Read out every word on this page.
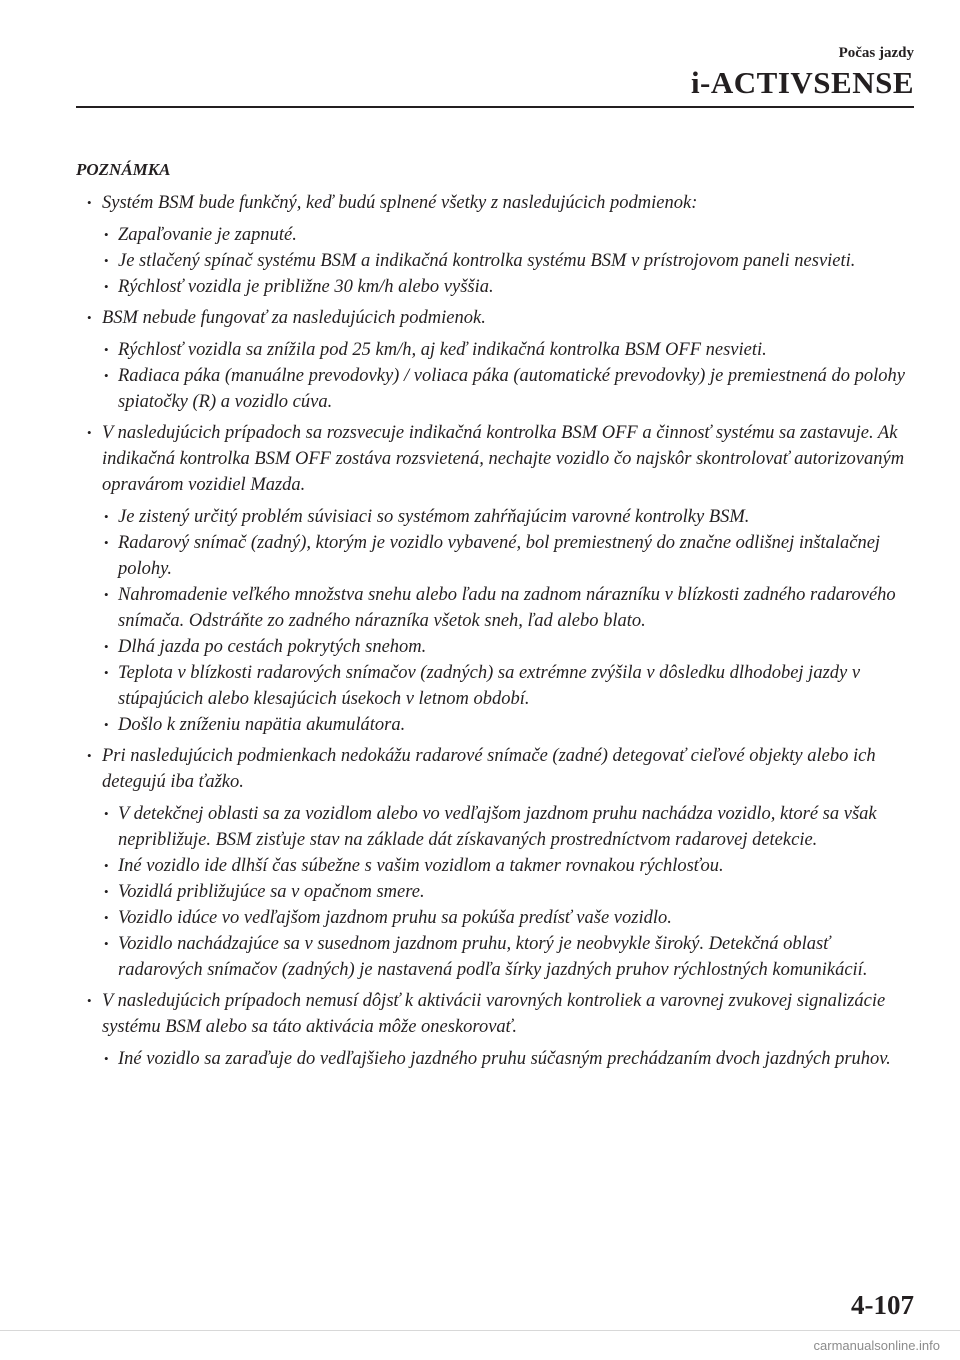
Počas jazdy
i-ACTIVSENSE
POZNÁMKA
• Systém BSM bude funkčný, keď budú splnené všetky z nasledujúcich podmienok:
• Zapaľovanie je zapnuté.
• Je stlačený spínač systému BSM a indikačná kontrolka systému BSM v prístrojovom paneli nesvieti.
• Rýchlosť vozidla je približne 30 km/h alebo vyššia.
• BSM nebude fungovať za nasledujúcich podmienok.
• Rýchlosť vozidla sa znížila pod 25 km/h, aj keď indikačná kontrolka BSM OFF nesvieti.
• Radiaca páka (manuálne prevodovky) / voliaca páka (automatické prevodovky) je premiestnená do polohy spiatočky (R) a vozidlo cúva.
• V nasledujúcich prípadoch sa rozsvecuje indikačná kontrolka BSM OFF a činnosť systému sa zastavuje. Ak indikačná kontrolka BSM OFF zostáva rozsvietená, nechajte vozidlo čo najskôr skontrolovať autorizovaným opravárom vozidiel Mazda.
• Je zistený určitý problém súvisiaci so systémom zahŕňajúcim varovné kontrolky BSM.
• Radarový snímač (zadný), ktorým je vozidlo vybavené, bol premiestnený do značne odlišnej inštalačnej polohy.
• Nahromadenie veľkého množstva snehu alebo ľadu na zadnom nárazníku v blízkosti zadného radarového snímača. Odstráňte zo zadného nárazníka všetok sneh, ľad alebo blato.
• Dlhá jazda po cestách pokrytých snehom.
• Teplota v blízkosti radarových snímačov (zadných) sa extrémne zvýšila v dôsledku dlhodobej jazdy v stúpajúcich alebo klesajúcich úsekoch v letnom období.
• Došlo k zníženiu napätia akumulátora.
• Pri nasledujúcich podmienkach nedokážu radarové snímače (zadné) detegovať cieľové objekty alebo ich detegujú iba ťažko.
• V detekčnej oblasti sa za vozidlom alebo vo vedľajšom jazdnom pruhu nachádza vozidlo, ktoré sa však nepribližuje. BSM zisťuje stav na základe dát získavaných prostredníctvom radarovej detekcie.
• Iné vozidlo ide dlhší čas súbežne s vašim vozidlom a takmer rovnakou rýchlosťou.
• Vozidlá približujúce sa v opačnom smere.
• Vozidlo idúce vo vedľajšom jazdnom pruhu sa pokúša predísť vaše vozidlo.
• Vozidlo nachádzajúce sa v susednom jazdnom pruhu, ktorý je neobvykle široký. Detekčná oblasť radarových snímačov (zadných) je nastavená podľa šírky jazdných pruhov rýchlostných komunikácií.
• V nasledujúcich prípadoch nemusí dôjsť k aktivácii varovných kontroliek a varovnej zvukovej signalizácie systému BSM alebo sa táto aktivácia môže oneskorovať.
• Iné vozidlo sa zaraďuje do vedľajšieho jazdného pruhu súčasným prechádzaním dvoch jazdných pruhov.
4-107
carmanualsonline.info
